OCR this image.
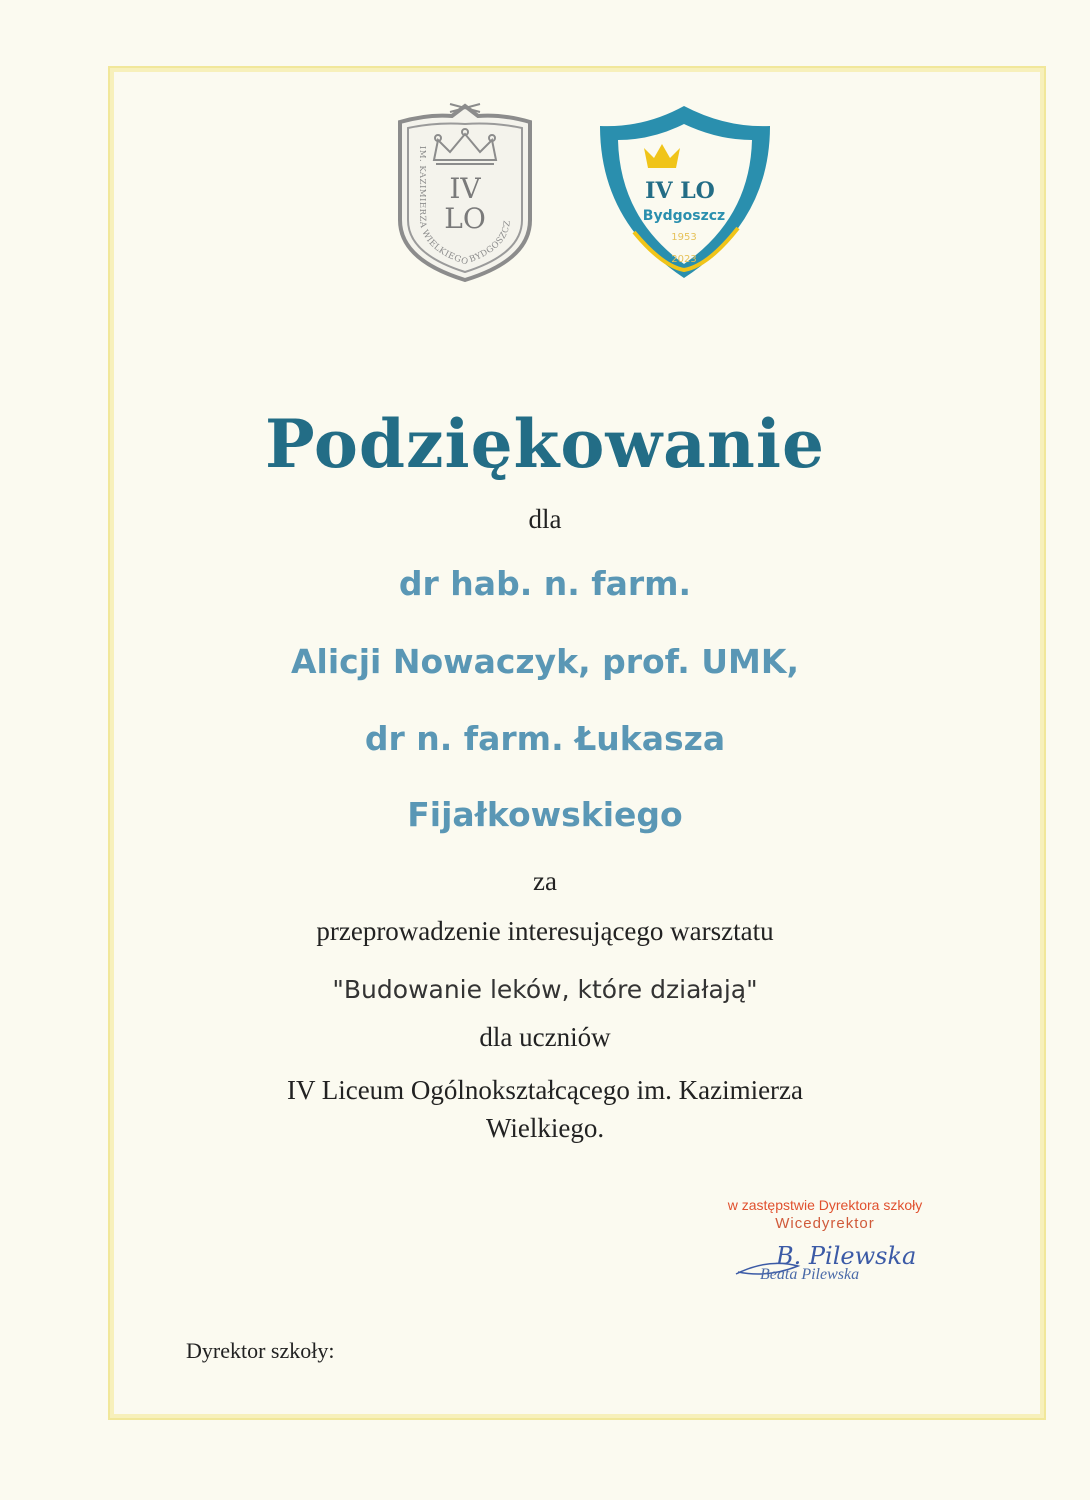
IV
LO
IM. KAZIMIERZA WIELKIEGO BYDGOSZCZ
IV LO
Bydgoszcz
1953
2023
Podziękowanie
dla
dr hab. n. farm.
Alicji Nowaczyk, prof. UMK,
dr n. farm. Łukasza
Fijałkowskiego
za
przeprowadzenie interesującego warsztatu
"Budowanie leków, które działają"
dla uczniów
IV Liceum Ogólnokształcącego im. Kazimierza
Wielkiego.
w zastępstwie Dyrektora szkoły
Wicedyrektor
B. Pilewska
Beata Pilewska
Dyrektor szkoły:
